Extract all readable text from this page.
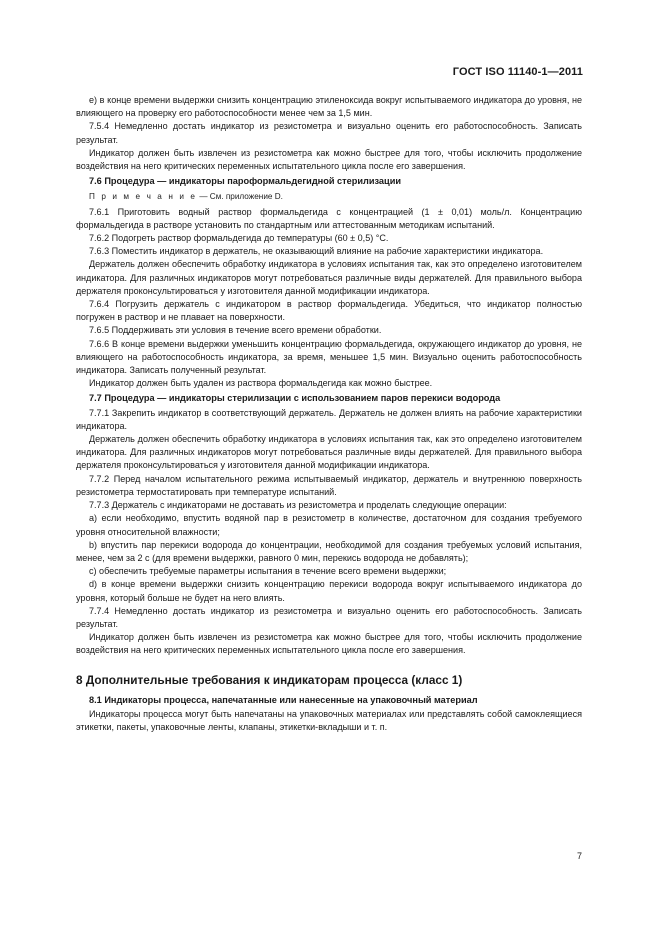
ГОСТ ISO 11140-1—2011

e) в конце времени выдержки снизить концентрацию этиленоксида вокруг испытываемого индикатора до уровня, не влияющего на проверку его работоспособности менее чем за 1,5 мин.

7.5.4 Немедленно достать индикатор из резистометра и визуально оценить его работоспособность. Записать результат.

Индикатор должен быть извлечен из резистометра как можно быстрее для того, чтобы исключить продолжение воздействия на него критических переменных испытательного цикла после его завершения.

7.6 Процедура — индикаторы пароформальдегидной стерилизации

П р и м е ч а н и е — См. приложение D.

7.6.1 Приготовить водный раствор формальдегида с концентрацией (1 ± 0,01) моль/л. Концентрацию формальдегида в растворе установить по стандартным или аттестованным методикам испытаний.

7.6.2 Подогреть раствор формальдегида до температуры (60 ± 0,5) °С.

7.6.3 Поместить индикатор в держатель, не оказывающий влияние на рабочие характеристики индикатора.

Держатель должен обеспечить обработку индикатора в условиях испытания так, как это определено изготовителем индикатора. Для различных индикаторов могут потребоваться различные виды держателей. Для правильного выбора держателя проконсультироваться у изготовителя данной модификации индикатора.

7.6.4 Погрузить держатель с индикатором в раствор формальдегида. Убедиться, что индикатор полностью погружен в раствор и не плавает на поверхности.

7.6.5 Поддерживать эти условия в течение всего времени обработки.

7.6.6 В конце времени выдержки уменьшить концентрацию формальдегида, окружающего индикатор до уровня, не влияющего на работоспособность индикатора, за время, меньшее 1,5 мин. Визуально оценить работоспособность индикатора. Записать полученный результат.

Индикатор должен быть удален из раствора формальдегида как можно быстрее.

7.7 Процедура — индикаторы стерилизации с использованием паров перекиси водорода

7.7.1 Закрепить индикатор в соответствующий держатель. Держатель не должен влиять на рабочие характеристики индикатора.

Держатель должен обеспечить обработку индикатора в условиях испытания так, как это определено изготовителем индикатора. Для различных индикаторов могут потребоваться различные виды держателей. Для правильного выбора держателя проконсультироваться у изготовителя данной модификации индикатора.

7.7.2 Перед началом испытательного режима испытываемый индикатор, держатель и внутреннюю поверхность резистометра термостатировать при температуре испытаний.

7.7.3 Держатель с индикаторами не доставать из резистометра и проделать следующие операции:

a) если необходимо, впустить водяной пар в резистометр в количестве, достаточном для создания требуемого уровня относительной влажности;

b) впустить пар перекиси водорода до концентрации, необходимой для создания требуемых условий испытания, менее, чем за 2 с (для времени выдержки, равного 0 мин, перекись водорода не добавлять);

c) обеспечить требуемые параметры испытания в течение всего времени выдержки;

d) в конце времени выдержки снизить концентрацию перекиси водорода вокруг испытываемого индикатора до уровня, который больше не будет на него влиять.

7.7.4 Немедленно достать индикатор из резистометра и визуально оценить его работоспособность. Записать результат.

Индикатор должен быть извлечен из резистометра как можно быстрее для того, чтобы исключить продолжение воздействия на него критических переменных испытательного цикла после его завершения.

8 Дополнительные требования к индикаторам процесса (класс 1)

8.1 Индикаторы процесса, напечатанные или нанесенные на упаковочный материал

Индикаторы процесса могут быть напечатаны на упаковочных материалах или представлять собой самоклеящиеся этикетки, пакеты, упаковочные ленты, клапаны, этикетки-вкладыши и т. п.

7
